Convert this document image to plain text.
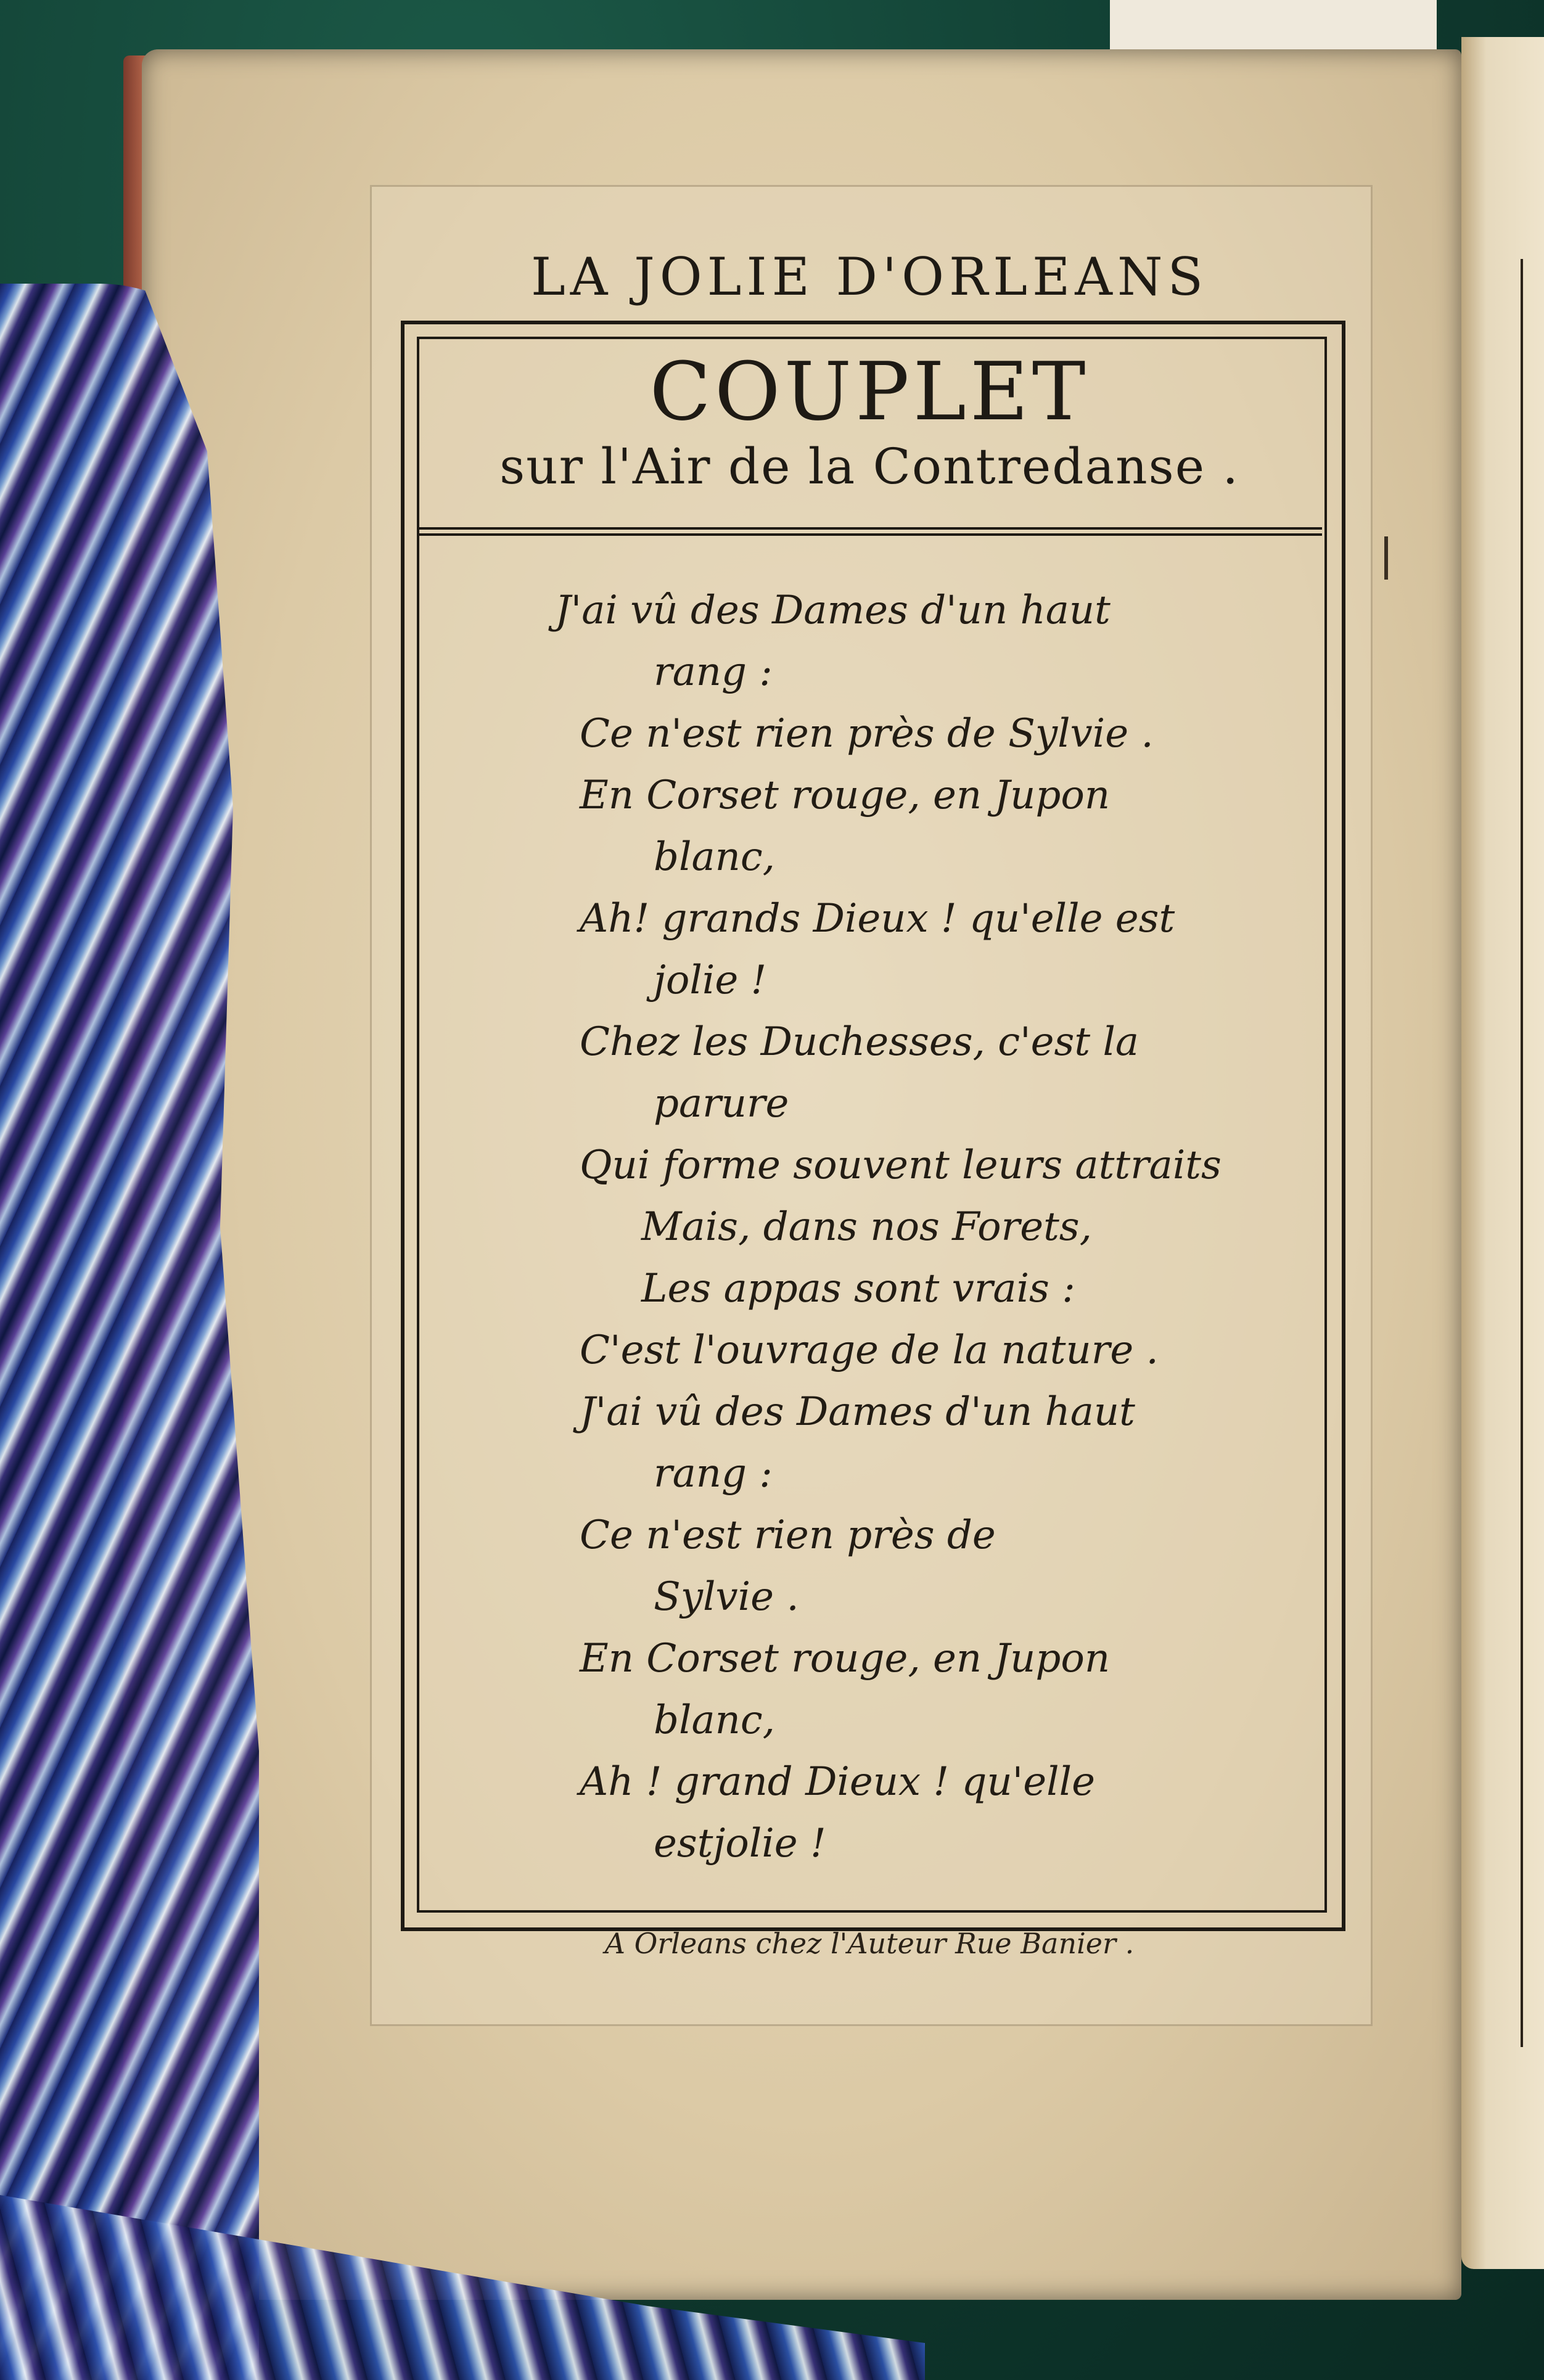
LA JOLIE D'ORLEANS
COUPLET
sur l'Air de la Contredanse .
J'ai vû des Dames d'un haut
rang :
Ce n'est rien près de Sylvie .
En Corset rouge, en Jupon
blanc,
Ah! grands Dieux ! qu'elle est
jolie !
Chez les Duchesses, c'est la
parure
Qui forme souvent leurs attraits
Mais, dans nos Forets,
Les appas sont vrais :
C'est l'ouvrage de la nature .
J'ai vû des Dames d'un haut
rang :
Ce n'est rien près de
Sylvie .
En Corset rouge, en Jupon
blanc,
Ah ! grand Dieux ! qu'elle
estjolie !
A Orleans chez l'Auteur Rue Banier .
